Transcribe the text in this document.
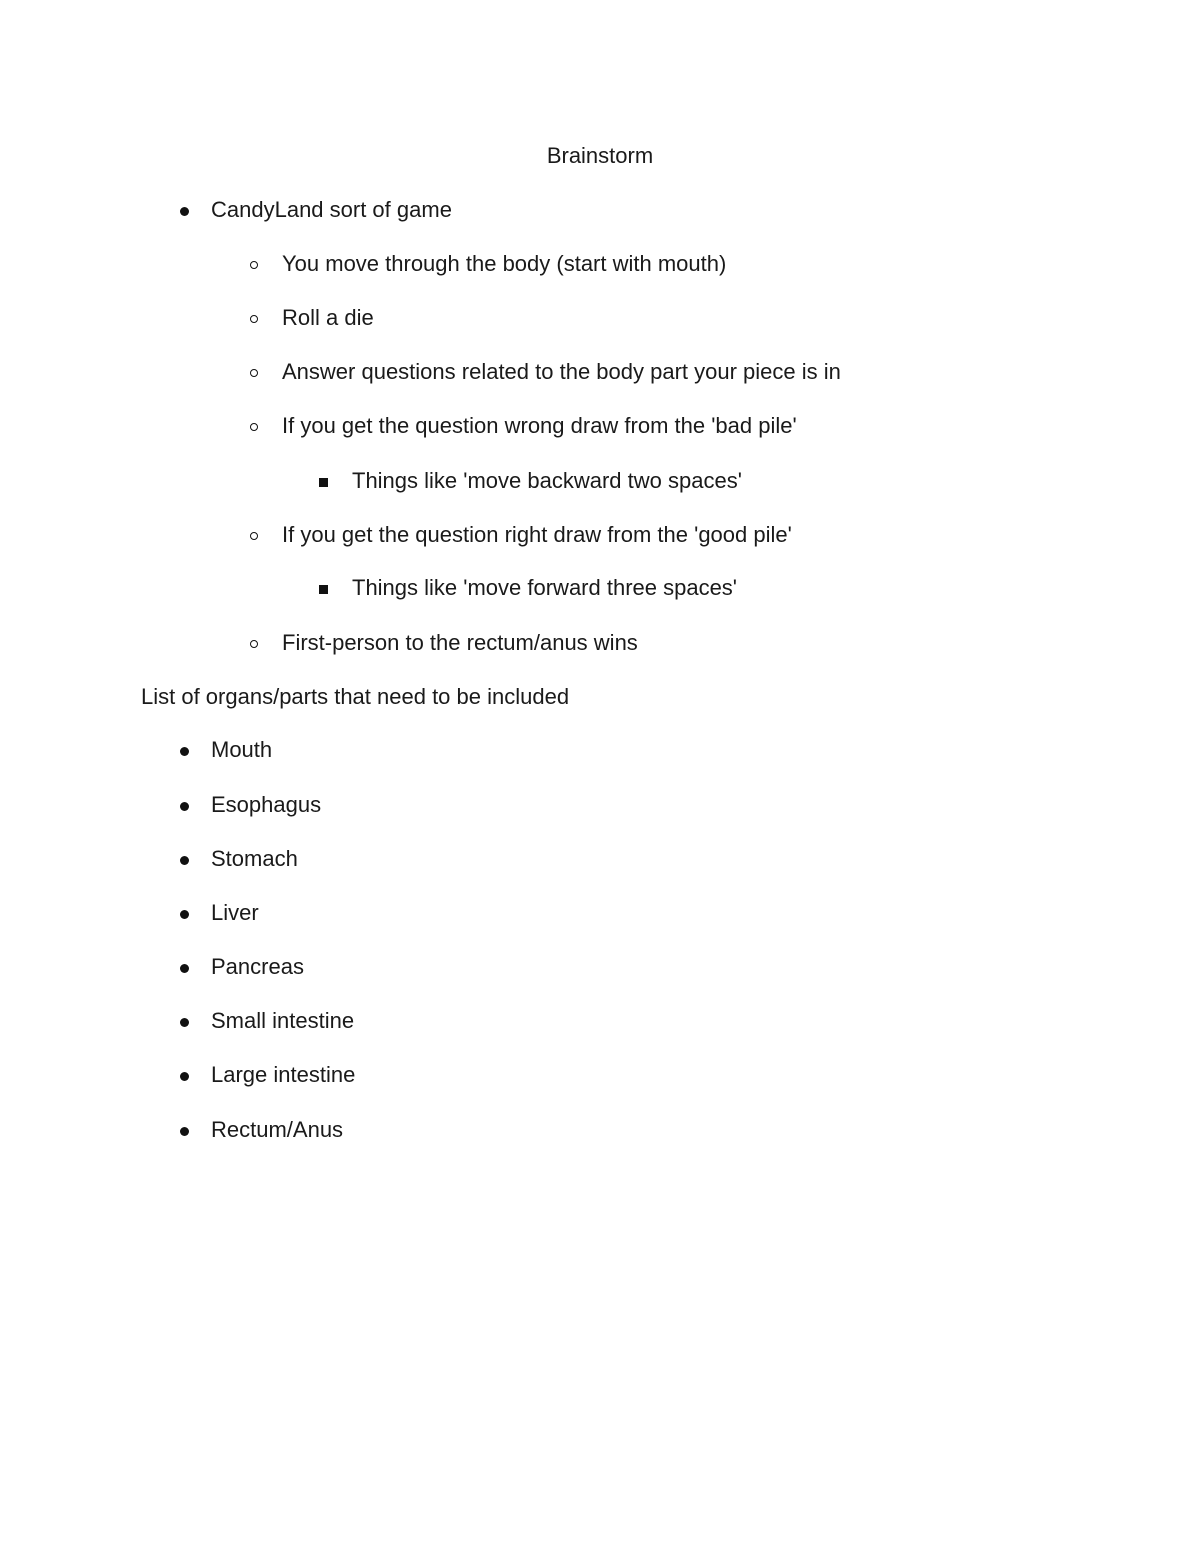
Brainstorm
CandyLand sort of game
You move through the body (start with mouth)
Roll a die
Answer questions related to the body part your piece is in
If you get the question wrong draw from the 'bad pile'
Things like 'move backward two spaces'
If you get the question right draw from the 'good pile'
Things like 'move forward three spaces'
First-person to the rectum/anus wins
List of organs/parts that need to be included
Mouth
Esophagus
Stomach
Liver
Pancreas
Small intestine
Large intestine
Rectum/Anus
